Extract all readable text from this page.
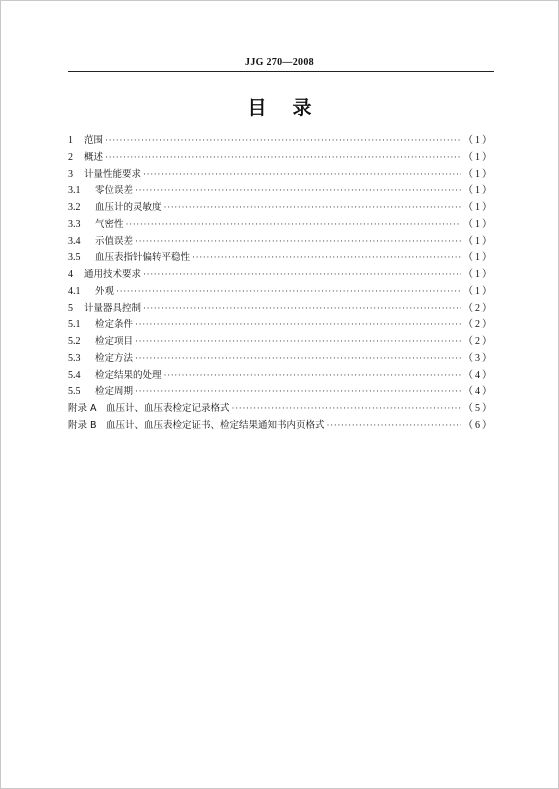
JJG 270—2008
目录
1	范围 ·····	（1）
2	概述 ·····	（1）
3	计量性能要求 ·····	（1）
3.1	零位误差 ·····	（1）
3.2	血压计的灵敏度 ·····	（1）
3.3	气密性 ·····	（1）
3.4	示值误差 ·····	（1）
3.5	血压表指针偏转平稳性 ·····	（1）
4	通用技术要求 ·····	（1）
4.1	外观 ·····	（1）
5	计量器具控制 ·····	（2）
5.1	检定条件 ·····	（2）
5.2	检定项目 ·····	（2）
5.3	检定方法 ·····	（3）
5.4	检定结果的处理 ·····	（4）
5.5	检定周期 ·····	（4）
附录 A　血压计、血压表检定记录格式 ·····	（5）
附录 B　血压计、血压表检定证书、检定结果通知书内页格式 ·····	（6）
